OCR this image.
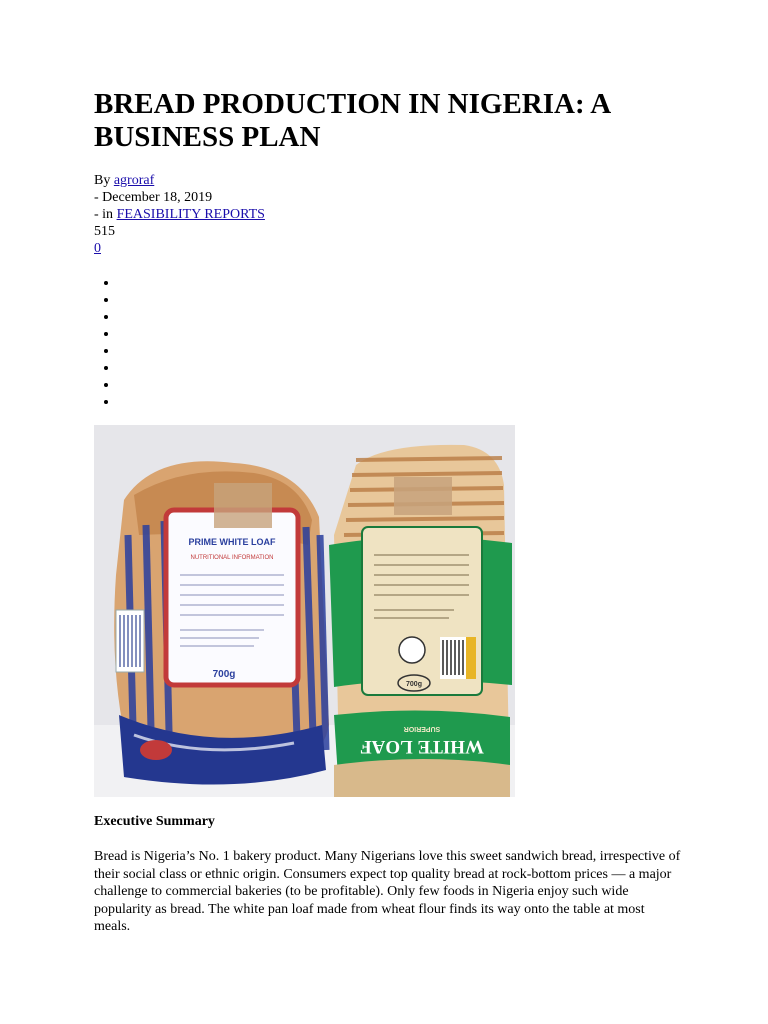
BREAD PRODUCTION IN NIGERIA: A BUSINESS PLAN
By agroraf
- December 18, 2019
- in FEASIBILITY REPORTS
515
0
PRIME WHITE LOAF
NUTRITIONAL INFORMATION
700g
700g
WHITE LOAF
SUPERIOR
Executive Summary

Bread is Nigeria’s No. 1 bakery product. Many Nigerians love this sweet sandwich bread, irrespective of their social class or ethnic origin. Consumers expect top quality bread at rock-bottom prices — a major challenge to commercial bakeries (to be profitable). Only few foods in Nigeria enjoy such wide popularity as bread. The white pan loaf made from wheat flour finds its way onto the table at most meals.
